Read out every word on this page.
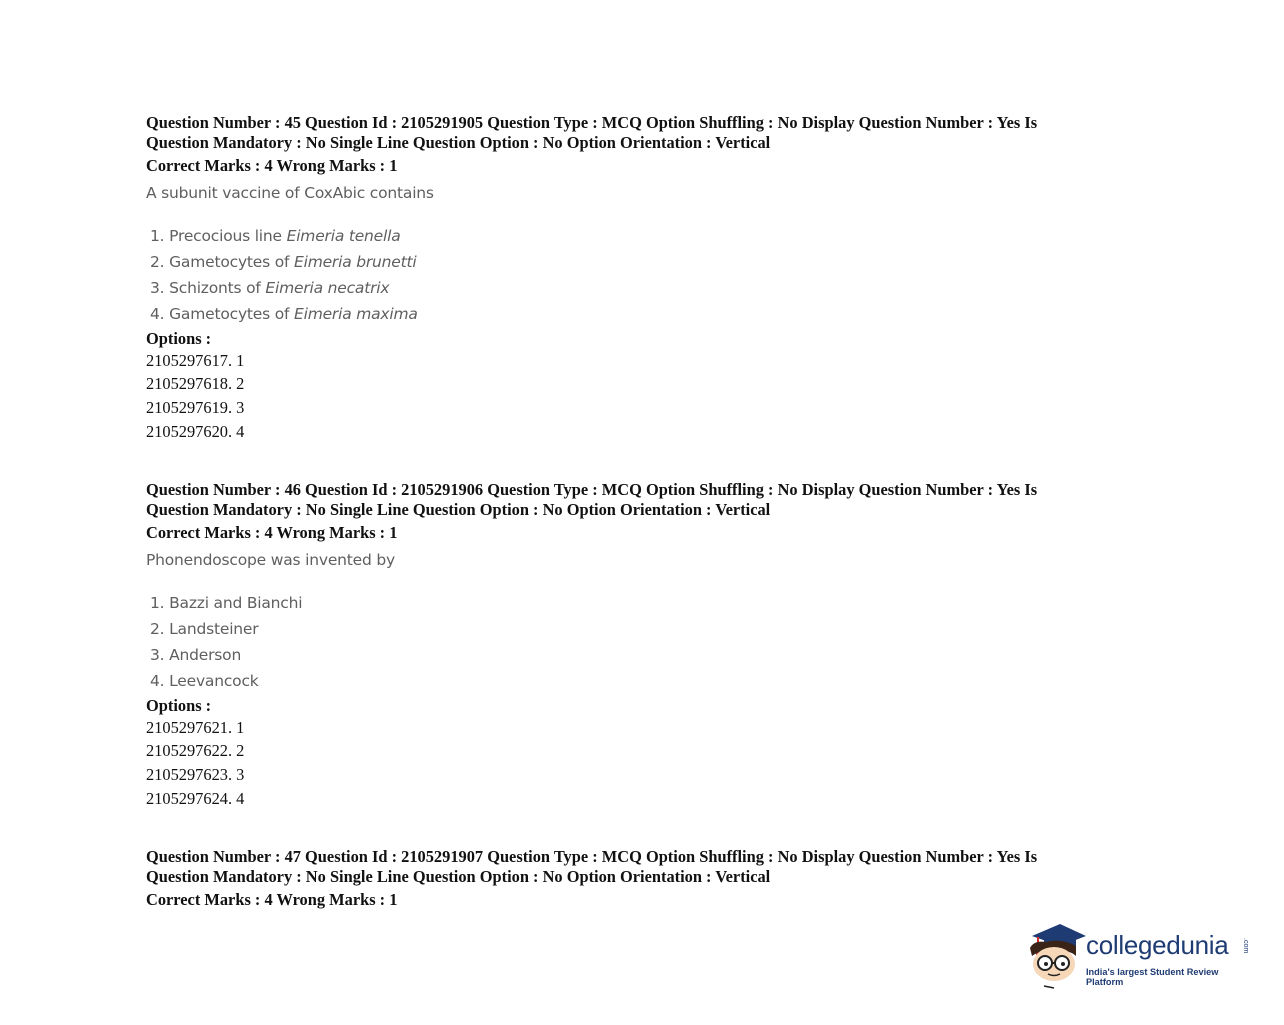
Question Number : 45 Question Id : 2105291905 Question Type : MCQ Option Shuffling : No Display Question Number : Yes Is
Question Mandatory : No Single Line Question Option : No Option Orientation : Vertical

Correct Marks : 4 Wrong Marks : 1
A subunit vaccine of CoxAbic contains
1. Precocious line Eimeria tenella
2. Gametocytes of Eimeria brunetti
3. Schizonts of Eimeria necatrix
4. Gametocytes of Eimeria maxima
Options :
2105297617. 1
2105297618. 2
2105297619. 3
2105297620. 4

Question Number : 46 Question Id : 2105291906 Question Type : MCQ Option Shuffling : No Display Question Number : Yes Is
Question Mandatory : No Single Line Question Option : No Option Orientation : Vertical

Correct Marks : 4 Wrong Marks : 1
Phonendoscope was invented by
1. Bazzi and Bianchi
2. Landsteiner
3. Anderson
4. Leevancock
Options :
2105297621. 1
2105297622. 2
2105297623. 3
2105297624. 4

Question Number : 47 Question Id : 2105291907 Question Type : MCQ Option Shuffling : No Display Question Number : Yes Is
Question Mandatory : No Single Line Question Option : No Option Orientation : Vertical

Correct Marks : 4 Wrong Marks : 1
collegedunia .com
India's largest Student Review Platform
